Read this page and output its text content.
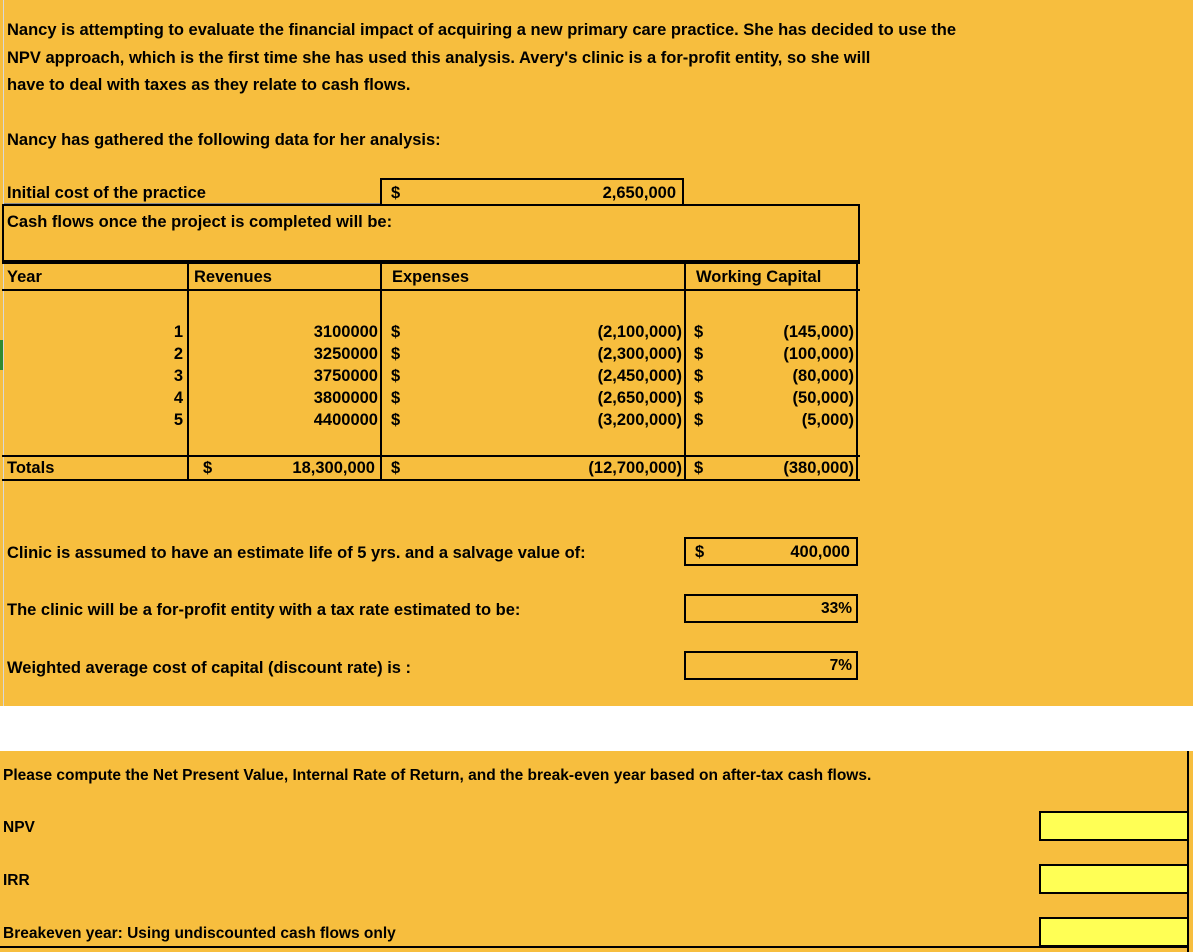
Nancy is attempting to evaluate the financial impact of acquiring a new primary care practice. She has decided to use the
NPV approach, which is the first time she has used this analysis. Avery's clinic is a for-profit entity, so she will
have to deal with taxes as they relate to cash flows.
Nancy has gathered the following data for her analysis:
Initial cost of the practice	$	2,650,000
Cash flows once the project is completed will be:
Year	Revenues	Expenses	Working Capital
1	3100000 $	(2,100,000) $	(145,000)
2	3250000 $	(2,300,000) $	(100,000)
3	3750000 $	(2,450,000) $	(80,000)
4	3800000 $	(2,650,000) $	(50,000)
5	4400000 $	(3,200,000) $	(5,000)
Totals	$	18,300,000 $	(12,700,000) $	(380,000)
Clinic is assumed to have an estimate life of 5 yrs. and a salvage value of:	$	400,000
The clinic will be a for-profit entity with a tax rate estimated to be:	33%
Weighted average cost of capital (discount rate) is :	7%
Please compute the Net Present Value, Internal Rate of Return, and the break-even year based on after-tax cash flows.
NPV
IRR
Breakeven year: Using undiscounted cash flows only
